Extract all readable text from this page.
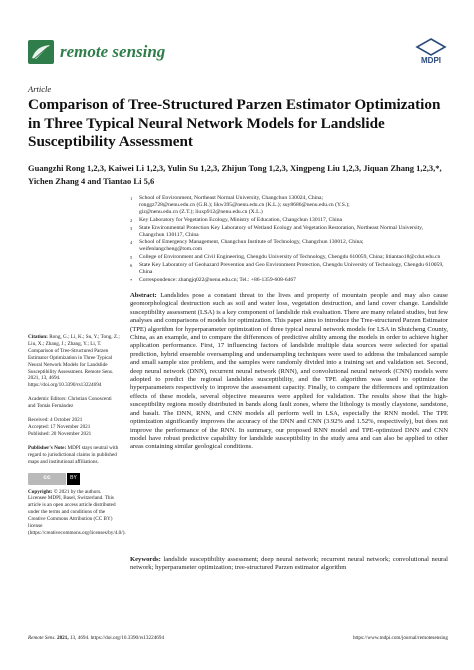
remote sensing	MDPI
Article
Comparison of Tree-Structured Parzen Estimator Optimization in Three Typical Neural Network Models for Landslide Susceptibility Assessment
Guangzhi Rong 1,2,3, Kaiwei Li 1,2,3, Yulin Su 1,2,3, Zhijun Tong 1,2,3, Xingpeng Liu 1,2,3, Jiquan Zhang 1,2,3,*,
Yichen Zhang 4 and Tiantao Li 5,6
1	School of Environment, Northeast Normal University, Changchun 130024, China;
ronggz728@nenu.edu.cn (G.R.); likw395@nenu.edu.cn (K.L.); suy8686@nenu.edu.cn (Y.S.);
giz@nenu.edu.cn (Z.T.); liuxp912@nenu.edu.cn (X.L.)
2	Key Laboratory for Vegetation Ecology, Ministry of Education, Changchun 130117, China
3	State Environmental Protection Key Laboratory of Wetland Ecology and Vegetation Restoration, Northeast Normal University, Changchun 130117, China
4	School of Emergency Management, Changchun Institute of Technology, Changchun 130012, China;
weifenlangcheng@tom.com
5	College of Environment and Civil Engineering, Chengdu University of Technology, Chengdu 610059, China; litiantao18@cdut.edu.cn
6	State Key Laboratory of Geohazard Prevention and Geo Environment Protection, Chengdu University of Technology, Chengdu 610059, China
*	Correspondence: zhangjq022@nenu.edu.cn; Tel.: +86-1359-608-6467
Citation: Rong, G.; Li, K.; Su, Y.; Tong, Z.; Liu, X.; Zhang, J.; Zhang, Y.; Li, T. Comparison of Tree-Structured Parzen Estimator Optimization in Three Typical Neural Network Models for Landslide Susceptibility Assessment. Remote Sens. 2021, 13, 4694. https://doi.org/10.3390/rs13224694
Academic Editors: Christian Conoscenti and Tomás Fernández
Received: 4 October 2021
Accepted: 17 November 2021
Published: 20 November 2021
Publisher's Note: MDPI stays neutral with regard to jurisdictional claims in published maps and institutional affiliations.
cc	BY
Copyright: © 2021 by the authors. Licensee MDPI, Basel, Switzerland. This article is an open access article distributed under the terms and conditions of the Creative Commons Attribution (CC BY) license (https://creativecommons.org/licenses/by/4.0/).
Abstract: Landslides pose a constant threat to the lives and property of mountain people and may also cause geomorphological destruction such as soil and water loss, vegetation destruction, and land cover change. Landslide susceptibility assessment (LSA) is a key component of landslide risk evaluation. There are many related studies, but few analyses and comparisons of models for optimization. This paper aims to introduce the Tree-structured Parzen Estimator (TPE) algorithm for hyperparameter optimization of three typical neural network models for LSA in Shuicheng County, China, as an example, and to compare the differences of predictive ability among the models in order to achieve higher application performance. First, 17 influencing factors of landslide multiple data sources were selected for spatial prediction, hybrid ensemble oversampling and undersampling techniques were used to address the imbalanced sample and small sample size problem, and the samples were randomly divided into a training set and validation set. Second, deep neural network (DNN), recurrent neural network (RNN), and convolutional neural network (CNN) models were adopted to predict the regional landslides susceptibility, and the TPE algorithm was used to optimize the hyperparameters respectively to improve the assessment capacity. Finally, to compare the differences and optimization effects of these models, several objective measures were applied for validation. The results show that the high-susceptibility regions mostly distributed in bands along fault zones, where the lithology is mostly claystone, sandstone, and basalt. The DNN, RNN, and CNN models all perform well in LSA, especially the RNN model. The TPE optimization significantly improves the accuracy of the DNN and CNN (3.92% and 1.52%, respectively), but does not improve the performance of the RNN. In summary, our proposed RNN model and TPE-optimized DNN and CNN model have robust predictive capability for landslide susceptibility in the study area and can also be applied to other areas containing similar geological conditions.
Keywords: landslide susceptibility assessment; deep neural network; recurrent neural network; convolutional neural network; hyperparameter optimization; tree-structured Parzen estimator algorithm
Remote Sens. 2021, 13, 4694. https://doi.org/10.3390/rs13224694	https://www.mdpi.com/journal/remotesensing
